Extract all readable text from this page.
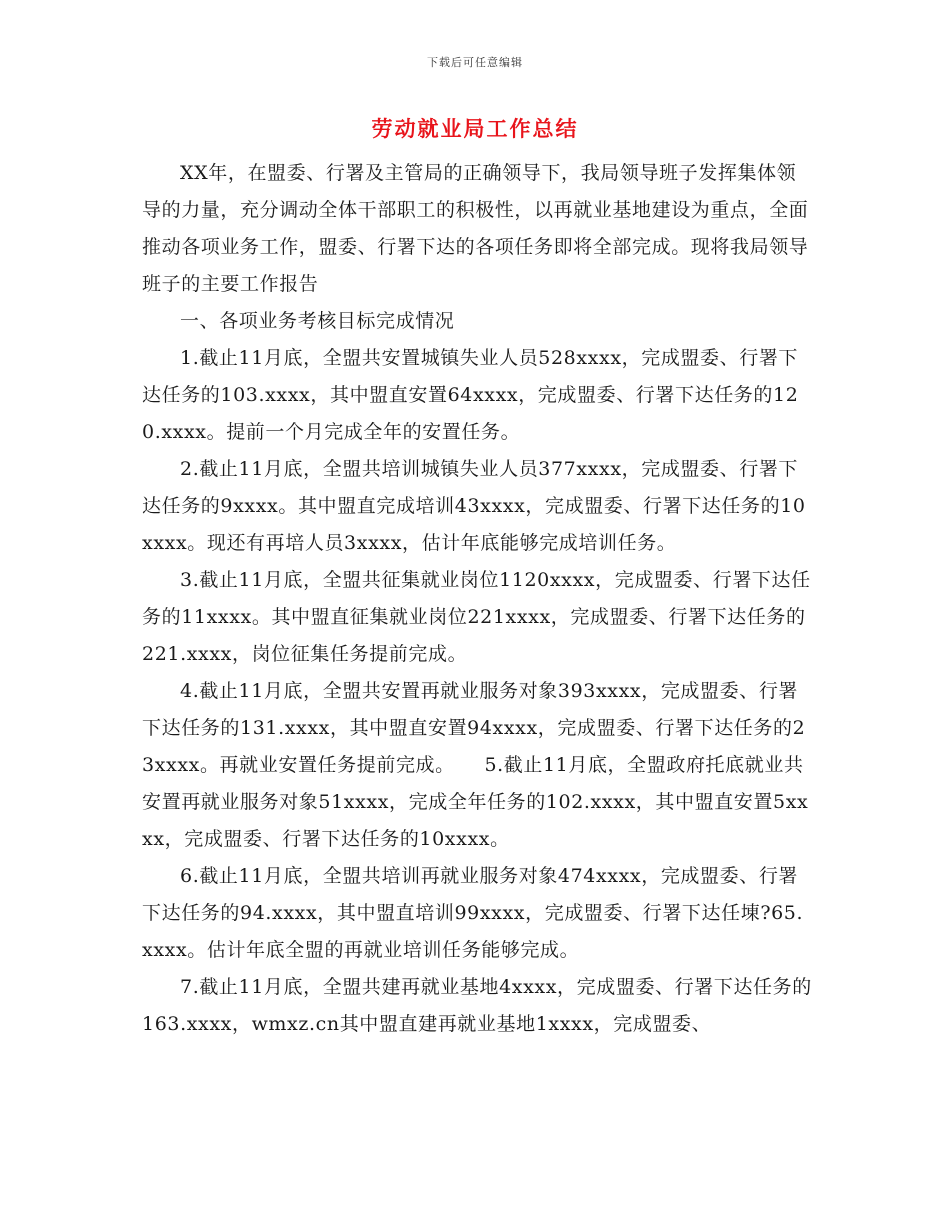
下载后可任意编辑
劳动就业局工作总结

XX年，在盟委、行署及主管局的正确领导下，我局领导班子发挥集体领导的力量，充分调动全体干部职工的积极性，以再就业基地建设为重点，全面推动各项业务工作，盟委、行署下达的各项任务即将全部完成。现将我局领导班子的主要工作报告

一、各项业务考核目标完成情况

1.截止11月底，全盟共安置城镇失业人员528xxxx，完成盟委、行署下达任务的103.xxxx，其中盟直安置64xxxx，完成盟委、行署下达任务的120.xxxx。提前一个月完成全年的安置任务。

2.截止11月底，全盟共培训城镇失业人员377xxxx，完成盟委、行署下达任务的9xxxx。其中盟直完成培训43xxxx，完成盟委、行署下达任务的10xxxx。现还有再培人员3xxxx，估计年底能够完成培训任务。

3.截止11月底，全盟共征集就业岗位1120xxxx，完成盟委、行署下达任务的11xxxx。其中盟直征集就业岗位221xxxx，完成盟委、行署下达任务的221.xxxx，岗位征集任务提前完成。

4.截止11月底，全盟共安置再就业服务对象393xxxx，完成盟委、行署下达任务的131.xxxx，其中盟直安置94xxxx，完成盟委、行署下达任务的23xxxx。再就业安置任务提前完成。　　5.截止11月底，全盟政府托底就业共安置再就业服务对象51xxxx，完成全年任务的102.xxxx，其中盟直安置5xxxx，完成盟委、行署下达任务的10xxxx。

6.截止11月底，全盟共培训再就业服务对象474xxxx，完成盟委、行署下达任务的94.xxxx，其中盟直培训99xxxx，完成盟委、行署下达任埬?65.xxxx。估计年底全盟的再就业培训任务能够完成。

7.截止11月底，全盟共建再就业基地4xxxx，完成盟委、行署下达任务的163.xxxx，wmxz.cn其中盟直建再就业基地1xxxx，完成盟委、
